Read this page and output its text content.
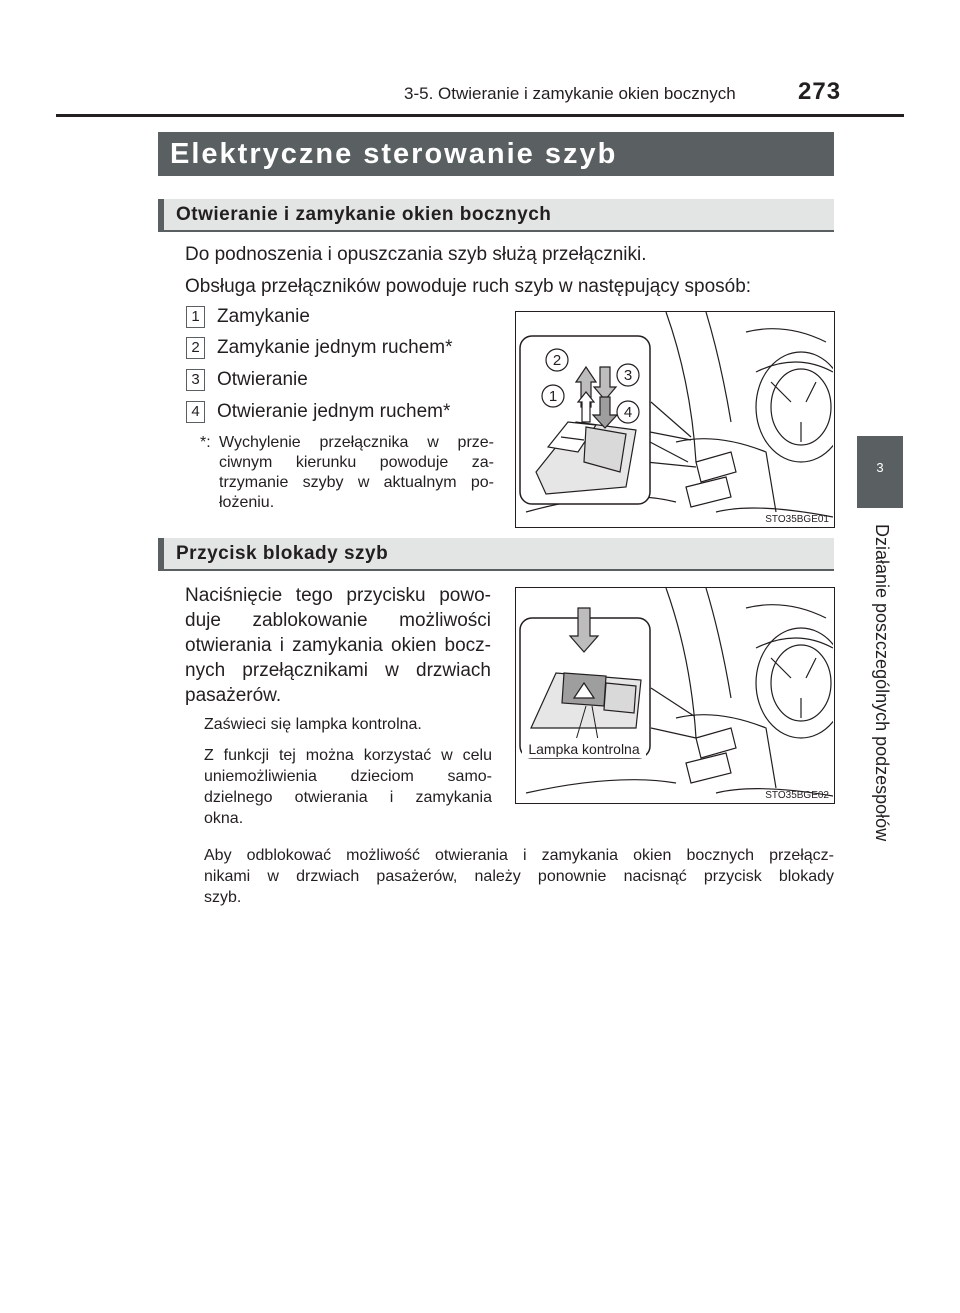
3-5. Otwieranie i zamykanie okien bocznych	273
3
Działanie poszczególnych podzespołów
Elektryczne sterowanie szyb
Otwieranie i zamykanie okien bocznych
Do podnoszenia i opuszczania szyb służą przełączniki.
Obsługa przełączników powoduje ruch szyb w następujący sposób:
1 Zamykanie
2 Zamykanie jednym ruchem*
3 Otwieranie
4 Otwieranie jednym ruchem*
*: Wychylenie przełącznika w prze-
ciwnym kierunku powoduje za-
trzymanie szyby w aktualnym po-
łożeniu.
2
3
1
4
STO35BGE01
Przycisk blokady szyb
Naciśnięcie tego przycisku powo-
duje zablokowanie możliwości
otwierania i zamykania okien bocz-
nych przełącznikami w drzwiach
pasażerów.
Zaświeci się lampka kontrolna.
Z funkcji tej można korzystać w celu
uniemożliwienia dzieciom samo-
dzielnego otwierania i zamykania
okna.
Aby odblokować możliwość otwierania i zamykania okien bocznych przełącz-
nikami w drzwiach pasażerów, należy ponownie nacisnąć przycisk blokady
szyb.
Lampka kontrolna
STO35BGE02
